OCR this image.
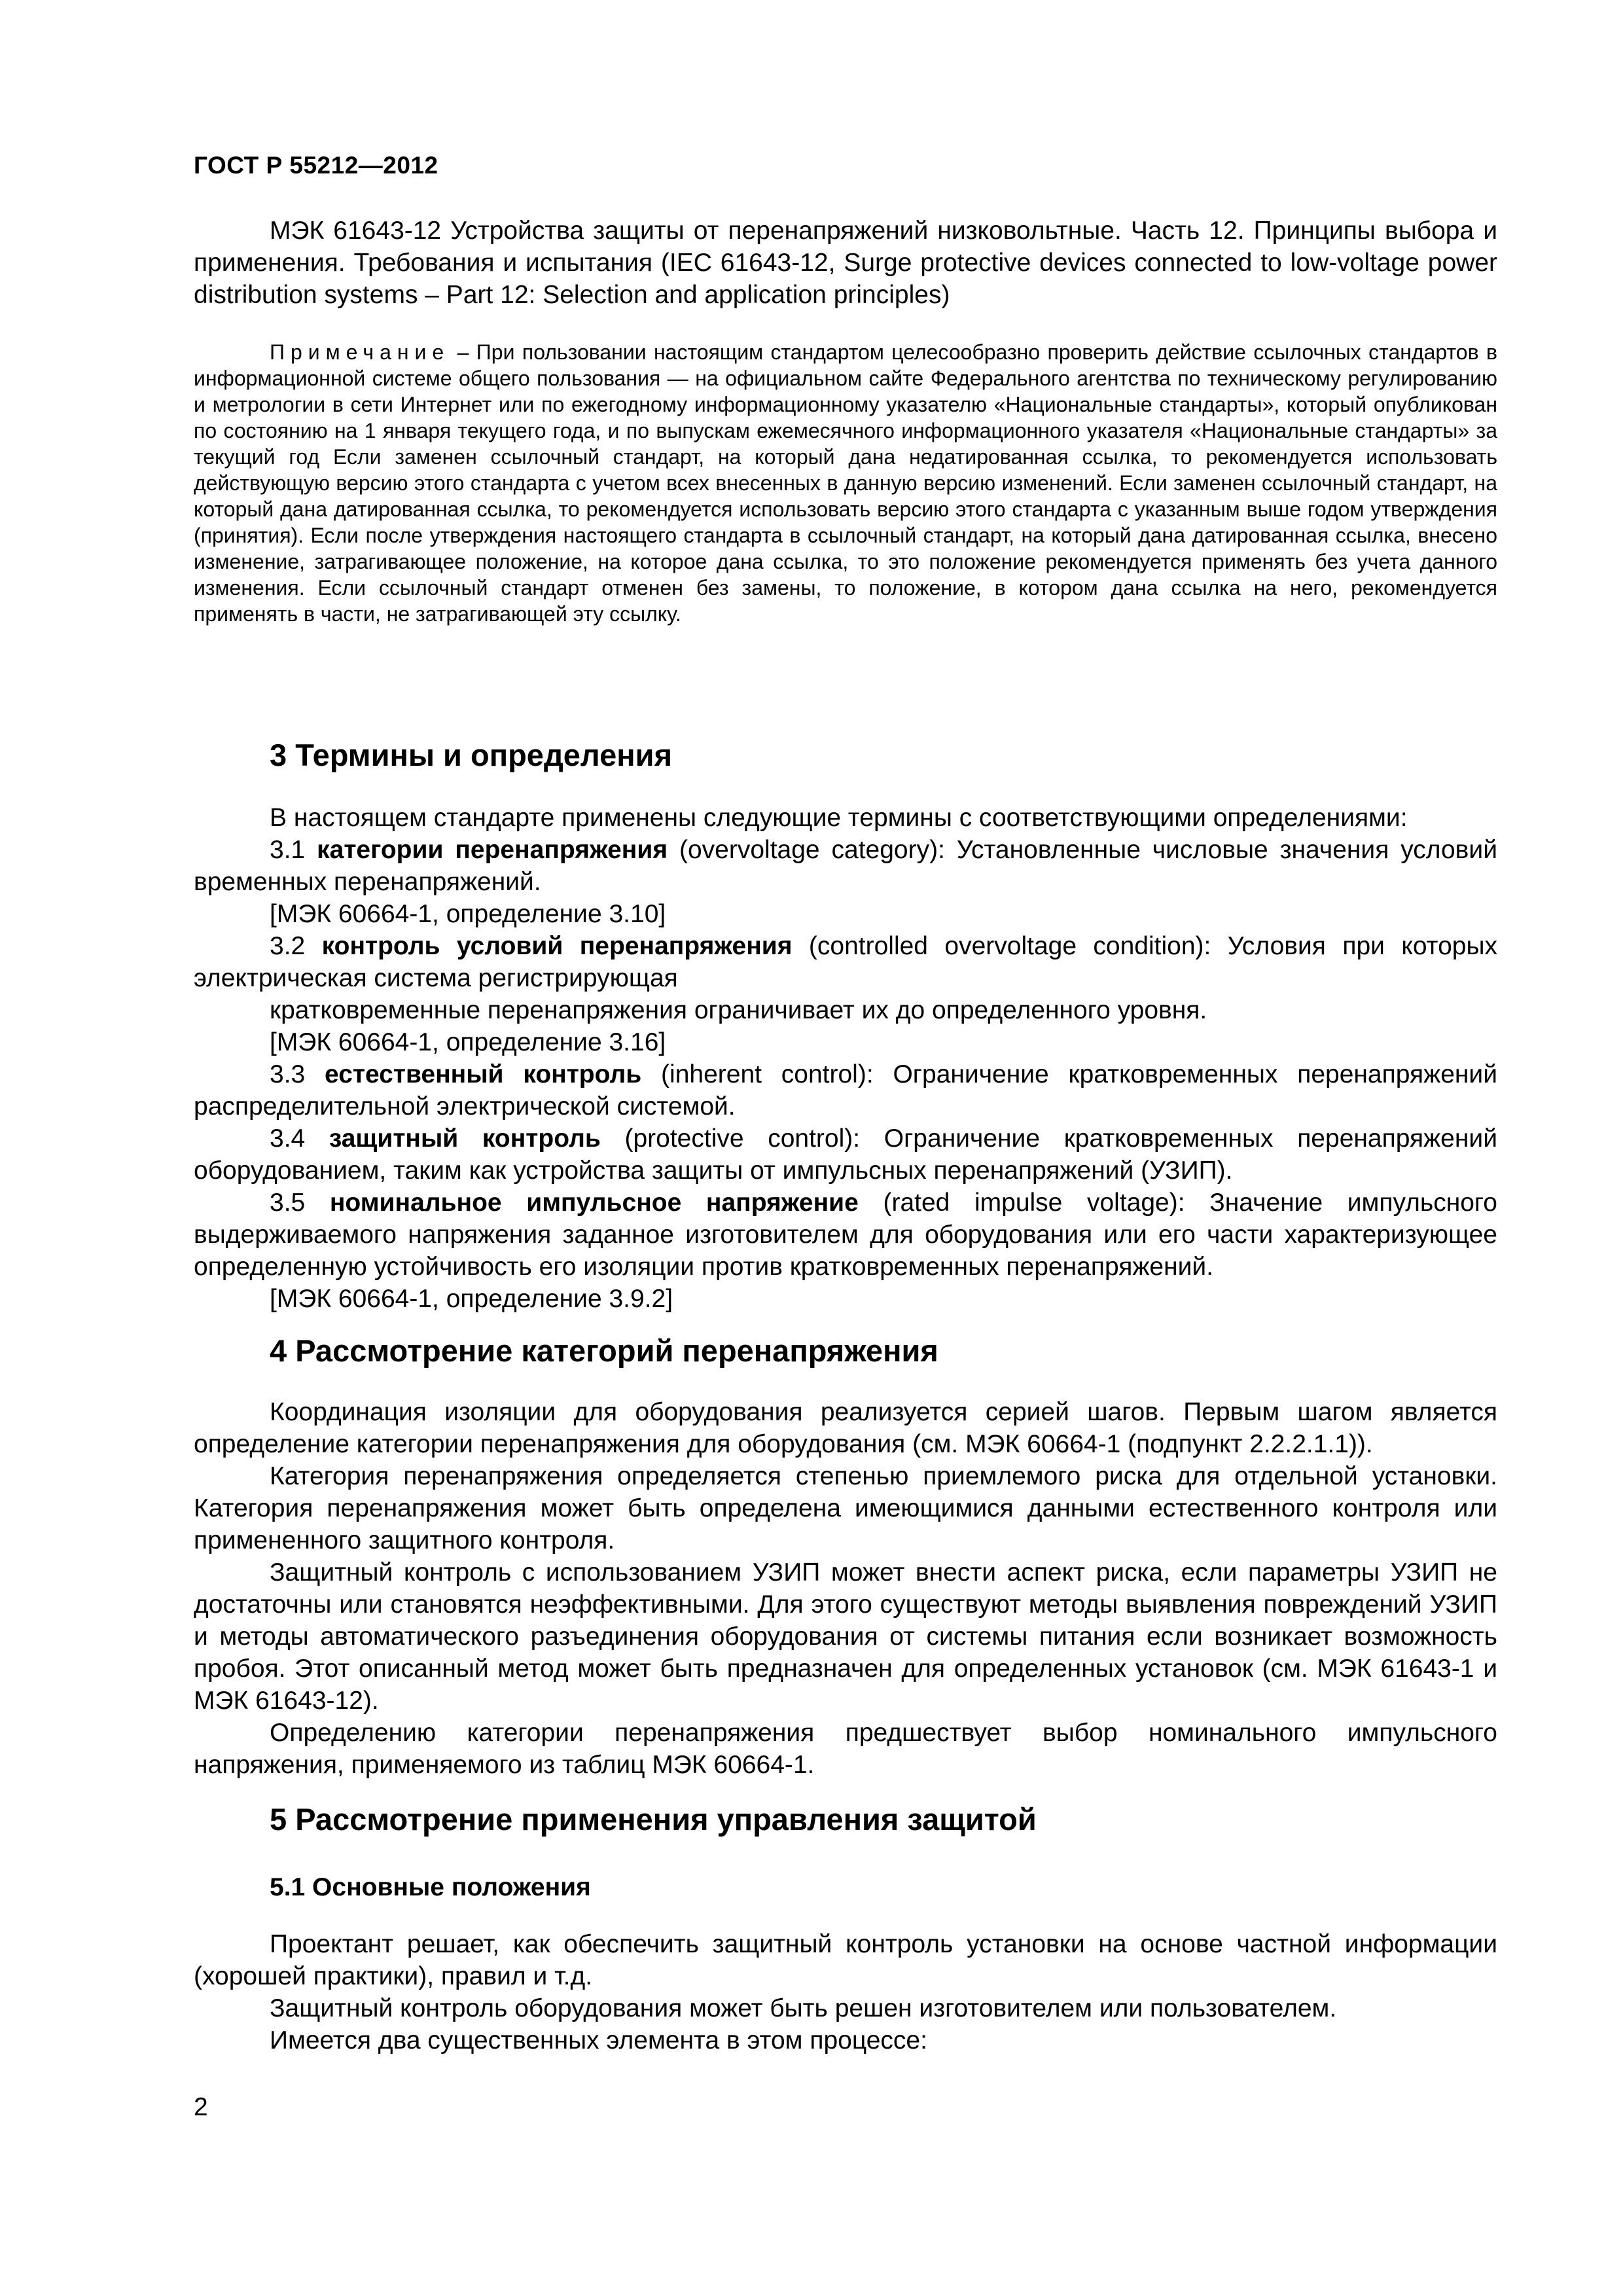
ГОСТ Р 55212—2012

МЭК 61643-12 Устройства защиты от перенапряжений низковольтные. Часть 12. Принципы выбора и применения. Требования и испытания (IEC 61643-12, Surge protective devices connected to low-voltage power distribution systems – Part 12: Selection and application principles)

Примечание – При пользовании настоящим стандартом целесообразно проверить действие ссылочных стандартов в информационной системе общего пользования — на официальном сайте Федерального агентства по техническому регулированию и метрологии в сети Интернет или по ежегодному информационному указателю «Национальные стандарты», который опубликован по состоянию на 1 января текущего года, и по выпускам ежемесячного информационного указателя «Национальные стандарты» за текущий год Если заменен ссылочный стандарт, на который дана недатированная ссылка, то рекомендуется использовать действующую версию этого стандарта с учетом всех внесенных в данную версию изменений. Если заменен ссылочный стандарт, на который дана датированная ссылка, то рекомендуется использовать версию этого стандарта с указанным выше годом утверждения (принятия). Если после утверждения настоящего стандарта в ссылочный стандарт, на который дана датированная ссылка, внесено изменение, затрагивающее положение, на которое дана ссылка, то это положение рекомендуется применять без учета данного изменения. Если ссылочный стандарт отменен без замены, то положение, в котором дана ссылка на него, рекомендуется применять в части, не затрагивающей эту ссылку.

3 Термины и определения

В настоящем стандарте применены следующие термины с соответствующими определениями:

3.1 категории перенапряжения (overvoltage category): Установленные числовые значения условий временных перенапряжений.

[МЭК 60664-1, определение 3.10]

3.2 контроль условий перенапряжения (controlled overvoltage condition): Условия при которых электрическая система регистрирующая

кратковременные перенапряжения ограничивает их до определенного уровня.

[МЭК 60664-1, определение 3.16]

3.3 естественный контроль (inherent control): Ограничение кратковременных перенапряжений распределительной электрической системой.

3.4 защитный контроль (protective control): Ограничение кратковременных перенапряжений оборудованием, таким как устройства защиты от импульсных перенапряжений (УЗИП).

3.5 номинальное импульсное напряжение (rated impulse voltage): Значение импульсного выдерживаемого напряжения заданное изготовителем для оборудования или его части характеризующее определенную устойчивость его изоляции против кратковременных перенапряжений.

[МЭК 60664-1, определение 3.9.2]

4 Рассмотрение категорий перенапряжения

Координация изоляции для оборудования реализуется серией шагов. Первым шагом является определение категории перенапряжения для оборудования (см. МЭК 60664-1 (подпункт 2.2.2.1.1)).

Категория перенапряжения определяется степенью приемлемого риска для отдельной установки. Категория перенапряжения может быть определена имеющимися данными естественного контроля или примененного защитного контроля.

Защитный контроль с использованием УЗИП может внести аспект риска, если параметры УЗИП не достаточны или становятся неэффективными. Для этого существуют методы выявления повреждений УЗИП и методы автоматического разъединения оборудования от системы питания если возникает возможность пробоя. Этот описанный метод может быть предназначен для определенных установок (см. МЭК 61643-1 и МЭК 61643-12).

Определению категории перенапряжения предшествует выбор номинального импульсного напряжения, применяемого из таблиц МЭК 60664-1.

5 Рассмотрение применения управления защитой
5.1 Основные положения

Проектант решает, как обеспечить защитный контроль установки на основе частной информации (хорошей практики), правил и т.д.

Защитный контроль оборудования может быть решен изготовителем или пользователем.

Имеется два существенных элемента в этом процессе:

2
